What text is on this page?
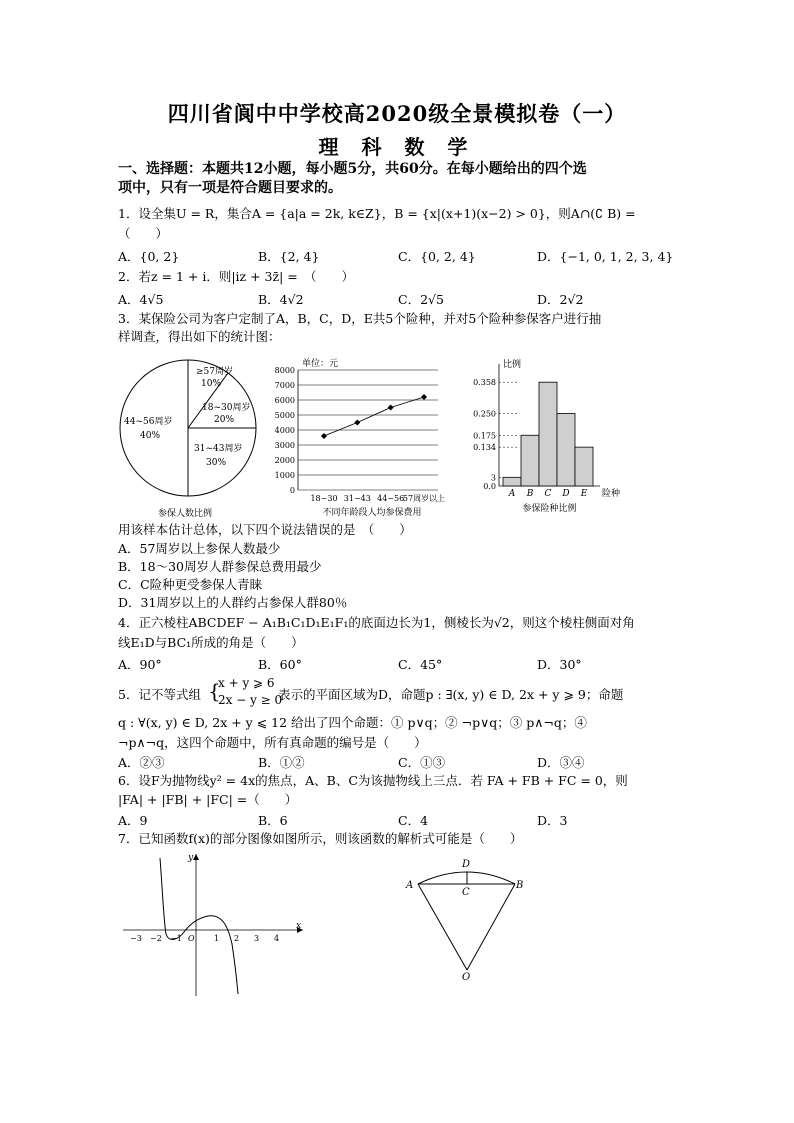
四川省阆中中学校高2020级全景模拟卷（一）
理 科 数 学
一、选择题：本题共12小题，每小题5分，共60分。在每小题给出的四个选
项中，只有一项是符合题目要求的。
1．设全集U = R，集合A = {a|a = 2k, k∈Z}，B = {x|(x+1)(x−2) > 0}，则A∩(∁ B) =
（　　）
A．{0, 2}	B．{2, 4}	C．{0, 2, 4}	D．{−1, 0, 1, 2, 3, 4}
2．若z = 1 + i．则|iz + 3z̄| =　（　　）
A．4√5	B．4√2	C．2√5	D．2√2
3．某保险公司为客户定制了A，B，C，D，E共5个险种，并对5个险种参保客户进行抽
样调查，得出如下的统计图：
≥57周岁
10%
18~30周岁
20%
31~43周岁
30%
44~56周岁
40%
参保人数比例
单位：元
0
1000
2000
3000
4000
5000
6000
7000
8000
18~30 31~43 44~56
57周岁以上
不同年龄段人均参保费用
比例
0.0
3
0.134
0.175
0.250
0.358
A B C D E 险种
参保险种比例
用该样本估计总体，以下四个说法错误的是　（　　）
A．57周岁以上参保人数最少
B．18～30周岁人群参保总费用最少
C．C险种更受参保人青睐
D．31周岁以上的人群约占参保人群80％
4．正六棱柱ABCDEF − A₁B₁C₁D₁E₁F₁的底面边长为1，侧棱长为√2，则这个棱柱侧面对角
线E₁D与BC₁所成的角是（　　）
A．90°	B．60°	C．45°	D．30°
5．记不等式组 {
x + y ⩾ 6
2x − y ≥ 0
表示的平面区域为D，命题p : ∃(x, y) ∈ D, 2x + y ⩾ 9；命题
q : ∀(x, y) ∈ D, 2x + y ⩽ 12 给出了四个命题：① p∨q；② ¬p∨q；③ p∧¬q；④
¬p∧¬q，这四个命题中，所有真命题的编号是（　　）
A．②③	B．①②	C．①③	D．③④
6．设F为抛物线y² = 4x的焦点，A、B、C为该抛物线上三点．若 FA + FB + FC = 0，则
|FA| + |FB| + |FC| =（　　）
A．9	B．6	C．4	D．3
7．已知函数f(x)的部分图像如图所示，则该函数的解析式可能是（　　）
y
x
−3 −2 −1 O 1 2 3 4
D
A
C
B
O
